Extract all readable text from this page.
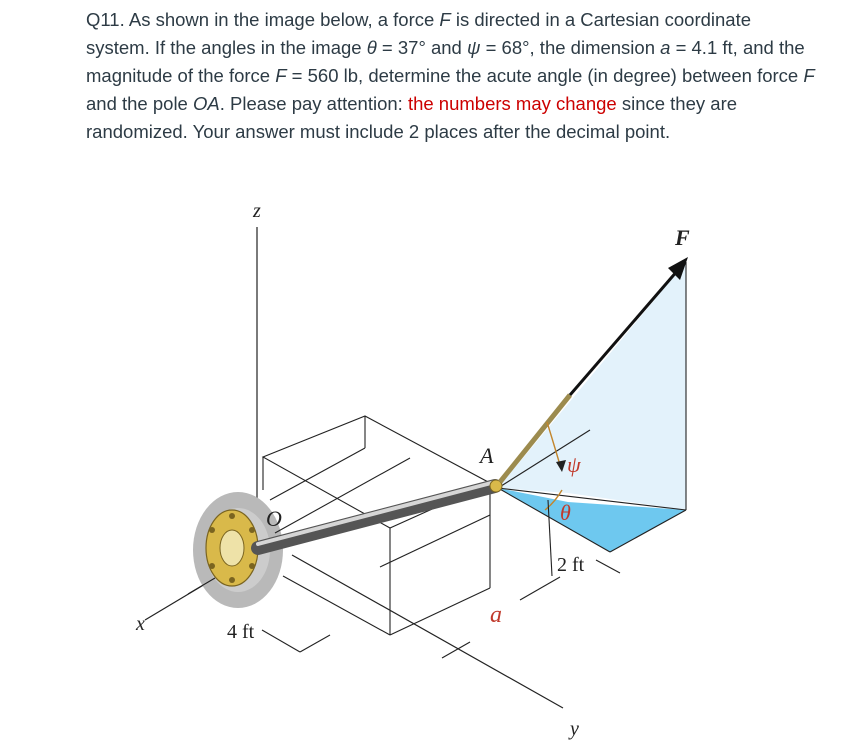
Q11. As shown in the image below, a force F is directed in a Cartesian coordinate system. If the angles in the image θ = 37° and ψ = 68°, the dimension a = 4.1 ft, and the magnitude of the force F = 560 lb, determine the acute angle (in degree) between force F and the pole OA. Please pay attention: the numbers may change since they are randomized. Your answer must include 2 places after the decimal point.

z
x
y
O
A
F
ψ
θ
a
4 ft
2 ft
